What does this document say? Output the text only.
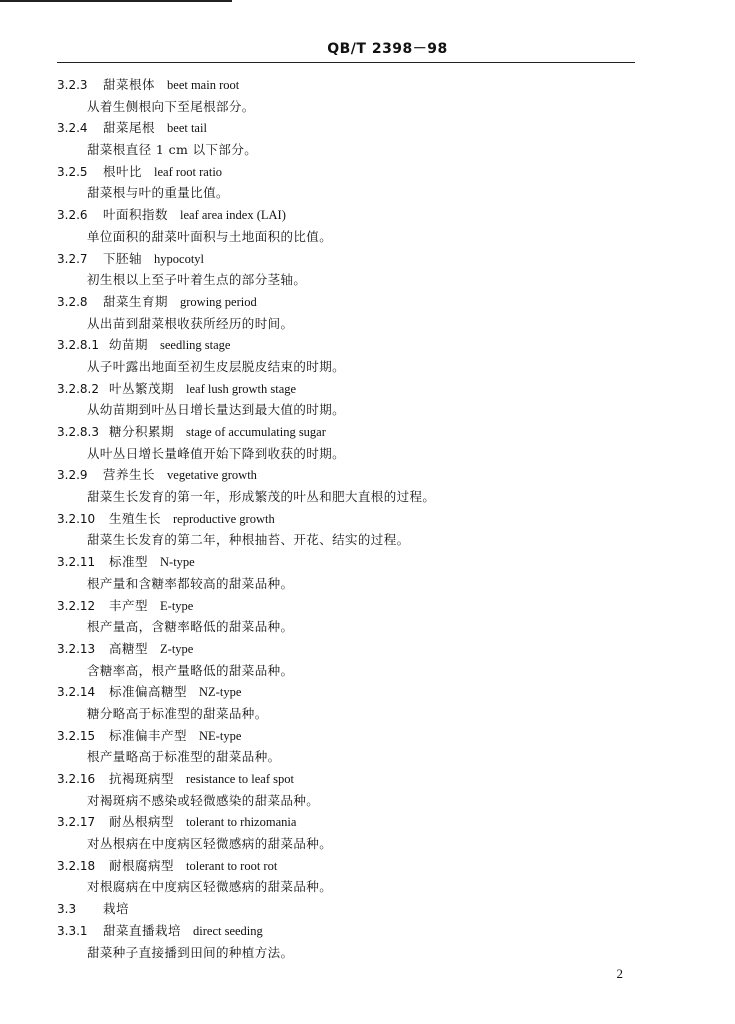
QB/T 2398－98
3.2.3 甜菜根体 beet main root
从着生侧根向下至尾根部分。
3.2.4 甜菜尾根 beet tail
甜菜根直径 1 cm 以下部分。
3.2.5 根叶比 leaf root ratio
甜菜根与叶的重量比值。
3.2.6 叶面积指数 leaf area index (LAI)
单位面积的甜菜叶面积与土地面积的比值。
3.2.7 下胚轴 hypocotyl
初生根以上至子叶着生点的部分茎轴。
3.2.8 甜菜生育期 growing period
从出苗到甜菜根收获所经历的时间。
3.2.8.1 幼苗期 seedling stage
从子叶露出地面至初生皮层脱皮结束的时期。
3.2.8.2 叶丛繁茂期 leaf lush growth stage
从幼苗期到叶丛日增长量达到最大值的时期。
3.2.8.3 糖分积累期 stage of accumulating sugar
从叶丛日增长量峰值开始下降到收获的时期。
3.2.9 营养生长 vegetative growth
甜菜生长发育的第一年，形成繁茂的叶丛和肥大直根的过程。
3.2.10 生殖生长 reproductive growth
甜菜生长发育的第二年，种根抽苔、开花、结实的过程。
3.2.11 标准型 N-type
根产量和含糖率都较高的甜菜品种。
3.2.12 丰产型 E-type
根产量高，含糖率略低的甜菜品种。
3.2.13 高糖型 Z-type
含糖率高，根产量略低的甜菜品种。
3.2.14 标准偏高糖型 NZ-type
糖分略高于标准型的甜菜品种。
3.2.15 标准偏丰产型 NE-type
根产量略高于标准型的甜菜品种。
3.2.16 抗褐斑病型 resistance to leaf spot
对褐斑病不感染或轻微感染的甜菜品种。
3.2.17 耐丛根病型 tolerant to rhizomania
对丛根病在中度病区轻微感病的甜菜品种。
3.2.18 耐根腐病型 tolerant to root rot
对根腐病在中度病区轻微感病的甜菜品种。
3.3 栽培
3.3.1 甜菜直播栽培 direct seeding
甜菜种子直接播到田间的种植方法。
2
